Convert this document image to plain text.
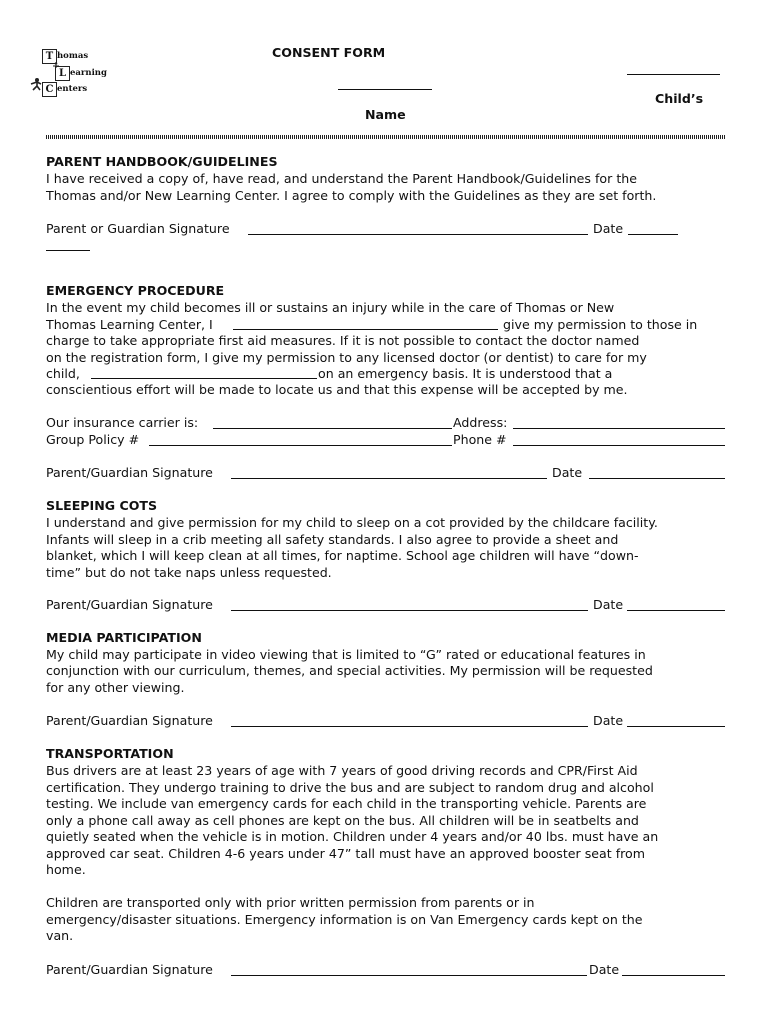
T homas
L earning
C enters
CONSENT FORM
Child’s
Name
PARENT HANDBOOK/GUIDELINES
I have received a copy of, have read, and understand the Parent Handbook/Guidelines for the
Thomas and/or New Learning Center. I agree to comply with the Guidelines as they are set forth.
Parent or Guardian Signature	Date
EMERGENCY PROCEDURE
In the event my child becomes ill or sustains an injury while in the care of Thomas or New
Thomas Learning Center, I	give my permission to those in
charge to take appropriate first aid measures. If it is not possible to contact the doctor named
on the registration form, I give my permission to any licensed doctor (or dentist) to care for my
child,	on an emergency basis. It is understood that a
conscientious effort will be made to locate us and that this expense will be accepted by me.
Our insurance carrier is:	Address:
Group Policy #	Phone #
Parent/Guardian Signature	Date
SLEEPING COTS
I understand and give permission for my child to sleep on a cot provided by the childcare facility.
Infants will sleep in a crib meeting all safety standards. I also agree to provide a sheet and
blanket, which I will keep clean at all times, for naptime. School age children will have “down-
time” but do not take naps unless requested.
Parent/Guardian Signature	Date
MEDIA PARTICIPATION
My child may participate in video viewing that is limited to “G” rated or educational features in
conjunction with our curriculum, themes, and special activities. My permission will be requested
for any other viewing.
Parent/Guardian Signature	Date
TRANSPORTATION
Bus drivers are at least 23 years of age with 7 years of good driving records and CPR/First Aid
certification. They undergo training to drive the bus and are subject to random drug and alcohol
testing. We include van emergency cards for each child in the transporting vehicle. Parents are
only a phone call away as cell phones are kept on the bus. All children will be in seatbelts and
quietly seated when the vehicle is in motion. Children under 4 years and/or 40 lbs. must have an
approved car seat. Children 4-6 years under 47” tall must have an approved booster seat from
home.
Children are transported only with prior written permission from parents or in
emergency/disaster situations. Emergency information is on Van Emergency cards kept on the
van.
Parent/Guardian Signature	Date
